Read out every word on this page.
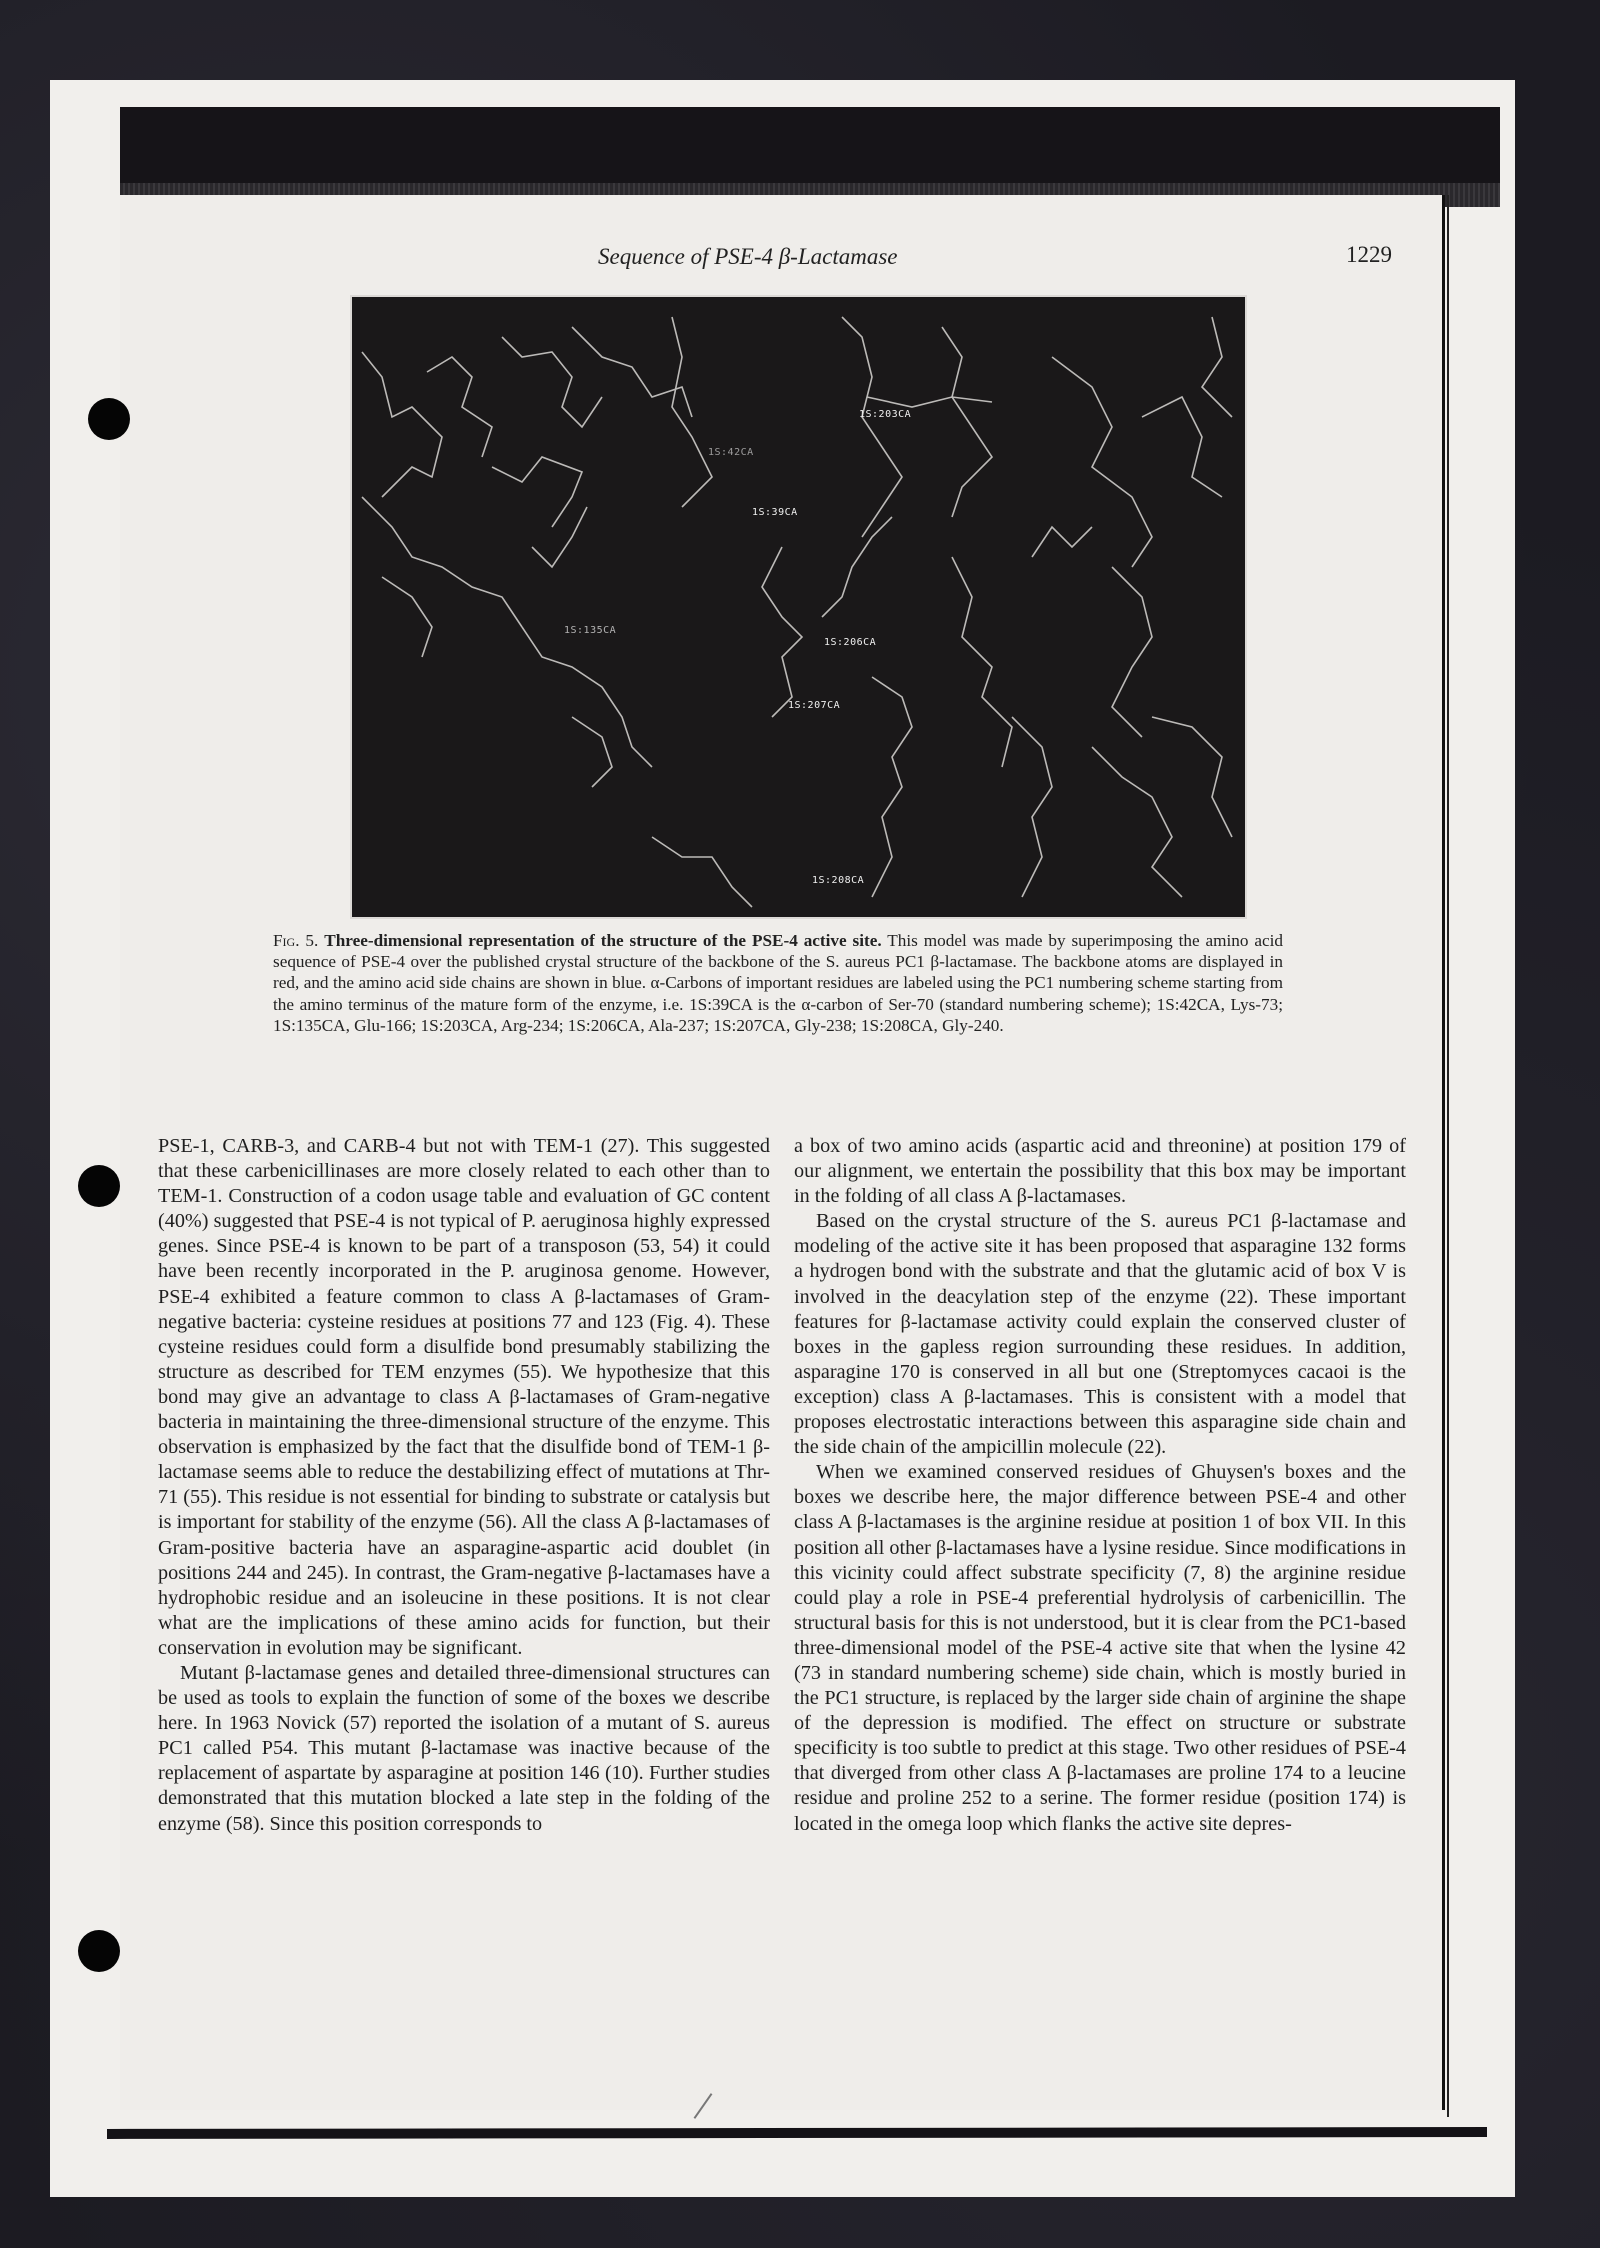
Sequence of PSE-4 β-Lactamase	1229
1S:203CA
1S:42CA
1S:39CA
1S:135CA
1S:206CA
1S:207CA
1S:208CA
Fig. 5. Three-dimensional representation of the structure of the PSE-4 active site. This model was made by superimposing the amino acid sequence of PSE-4 over the published crystal structure of the backbone of the S. aureus PC1 β-lactamase. The backbone atoms are displayed in red, and the amino acid side chains are shown in blue. α-Carbons of important residues are labeled using the PC1 numbering scheme starting from the amino terminus of the mature form of the enzyme, i.e. 1S:39CA is the α-carbon of Ser-70 (standard numbering scheme); 1S:42CA, Lys-73; 1S:135CA, Glu-166; 1S:203CA, Arg-234; 1S:206CA, Ala-237; 1S:207CA, Gly-238; 1S:208CA, Gly-240.

PSE-1, CARB-3, and CARB-4 but not with TEM-1 (27). This suggested that these carbenicillinases are more closely related to each other than to TEM-1. Construction of a codon usage table and evaluation of GC content (40%) suggested that PSE-4 is not typical of P. aeruginosa highly expressed genes. Since PSE-4 is known to be part of a transposon (53, 54) it could have been recently incorporated in the P. aruginosa genome. However, PSE-4 exhibited a feature common to class A β-lactamases of Gram-negative bacteria: cysteine residues at positions 77 and 123 (Fig. 4). These cysteine residues could form a disulfide bond presumably stabilizing the structure as described for TEM enzymes (55). We hypothesize that this bond may give an advantage to class A β-lactamases of Gram-negative bacteria in maintaining the three-dimensional structure of the enzyme. This observation is emphasized by the fact that the disulfide bond of TEM-1 β-lactamase seems able to reduce the destabilizing effect of mutations at Thr-71 (55). This residue is not essential for binding to substrate or catalysis but is important for stability of the enzyme (56). All the class A β-lactamases of Gram-positive bacteria have an asparagine-aspartic acid doublet (in positions 244 and 245). In contrast, the Gram-negative β-lactamases have a hydrophobic residue and an isoleucine in these positions. It is not clear what are the implications of these amino acids for function, but their conservation in evolution may be significant.

Mutant β-lactamase genes and detailed three-dimensional structures can be used as tools to explain the function of some of the boxes we describe here. In 1963 Novick (57) reported the isolation of a mutant of S. aureus PC1 called P54. This mutant β-lactamase was inactive because of the replacement of aspartate by asparagine at position 146 (10). Further studies demonstrated that this mutation blocked a late step in the folding of the enzyme (58). Since this position corresponds to

a box of two amino acids (aspartic acid and threonine) at position 179 of our alignment, we entertain the possibility that this box may be important in the folding of all class A β-lactamases.

Based on the crystal structure of the S. aureus PC1 β-lactamase and modeling of the active site it has been proposed that asparagine 132 forms a hydrogen bond with the substrate and that the glutamic acid of box V is involved in the deacylation step of the enzyme (22). These important features for β-lactamase activity could explain the conserved cluster of boxes in the gapless region surrounding these residues. In addition, asparagine 170 is conserved in all but one (Streptomyces cacaoi is the exception) class A β-lactamases. This is consistent with a model that proposes electrostatic interactions between this asparagine side chain and the side chain of the ampicillin molecule (22).

When we examined conserved residues of Ghuysen's boxes and the boxes we describe here, the major difference between PSE-4 and other class A β-lactamases is the arginine residue at position 1 of box VII. In this position all other β-lactamases have a lysine residue. Since modifications in this vicinity could affect substrate specificity (7, 8) the arginine residue could play a role in PSE-4 preferential hydrolysis of carbenicillin. The structural basis for this is not understood, but it is clear from the PC1-based three-dimensional model of the PSE-4 active site that when the lysine 42 (73 in standard numbering scheme) side chain, which is mostly buried in the PC1 structure, is replaced by the larger side chain of arginine the shape of the depression is modified. The effect on structure or substrate specificity is too subtle to predict at this stage. Two other residues of PSE-4 that diverged from other class A β-lactamases are proline 174 to a leucine residue and proline 252 to a serine. The former residue (position 174) is located in the omega loop which flanks the active site depres-
